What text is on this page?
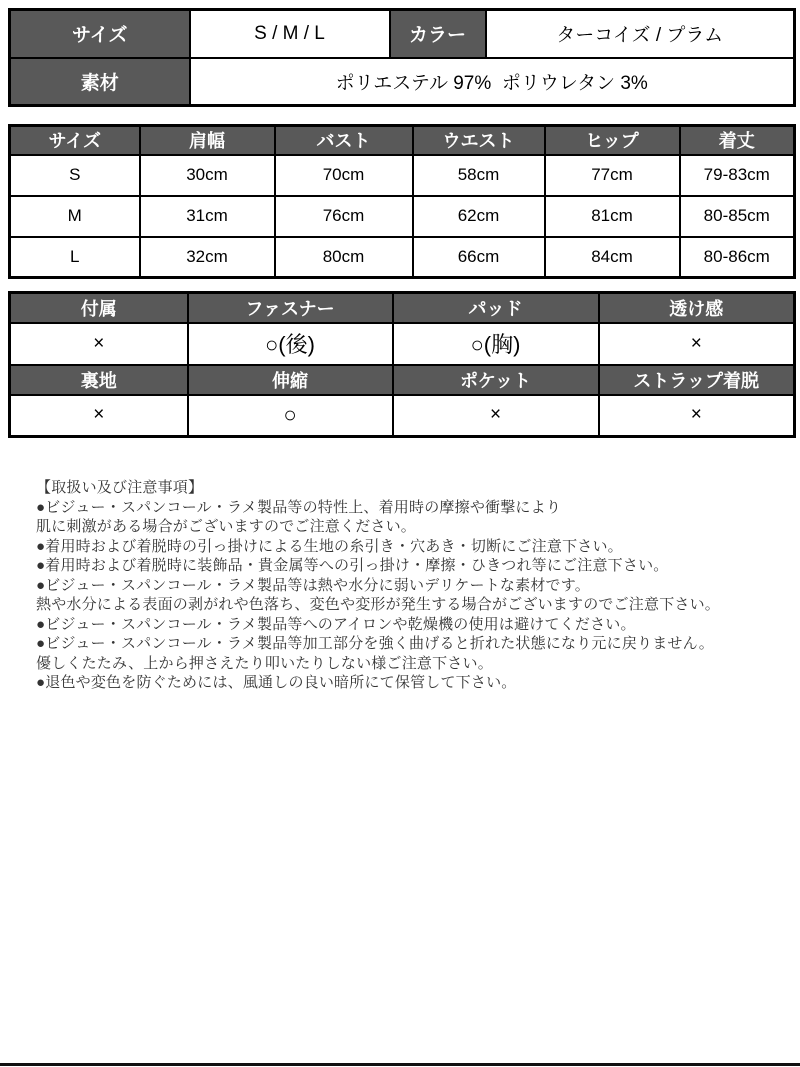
サイズ	S / M / L	カラー	ターコイズ / プラム
素材	ポリエステル 97%  ポリウレタン 3%		
サイズ	肩幅	バスト	ウエスト	ヒップ	着丈
S	30cm	70cm	58cm	77cm	79-83cm
M	31cm	76cm	62cm	81cm	80-85cm
L	32cm	80cm	66cm	84cm	80-86cm
付属	ファスナー	パッド	透け感
×	○(後)	○(胸)	×
裏地	伸縮	ポケット	ストラップ着脱
×	○	×	×
【取扱い及び注意事項】
●ビジュー・スパンコール・ラメ製品等の特性上、着用時の摩擦や衝撃により
肌に刺激がある場合がございますのでご注意ください。
●着用時および着脱時の引っ掛けによる生地の糸引き・穴あき・切断にご注意下さい。
●着用時および着脱時に装飾品・貴金属等への引っ掛け・摩擦・ひきつれ等にご注意下さい。
●ビジュー・スパンコール・ラメ製品等は熱や水分に弱いデリケートな素材です。
熱や水分による表面の剥がれや色落ち、変色や変形が発生する場合がございますのでご注意下さい。
●ビジュー・スパンコール・ラメ製品等へのアイロンや乾燥機の使用は避けてください。
●ビジュー・スパンコール・ラメ製品等加工部分を強く曲げると折れた状態になり元に戻りません。
優しくたたみ、上から押さえたり叩いたりしない様ご注意下さい。
●退色や変色を防ぐためには、風通しの良い暗所にて保管して下さい。
